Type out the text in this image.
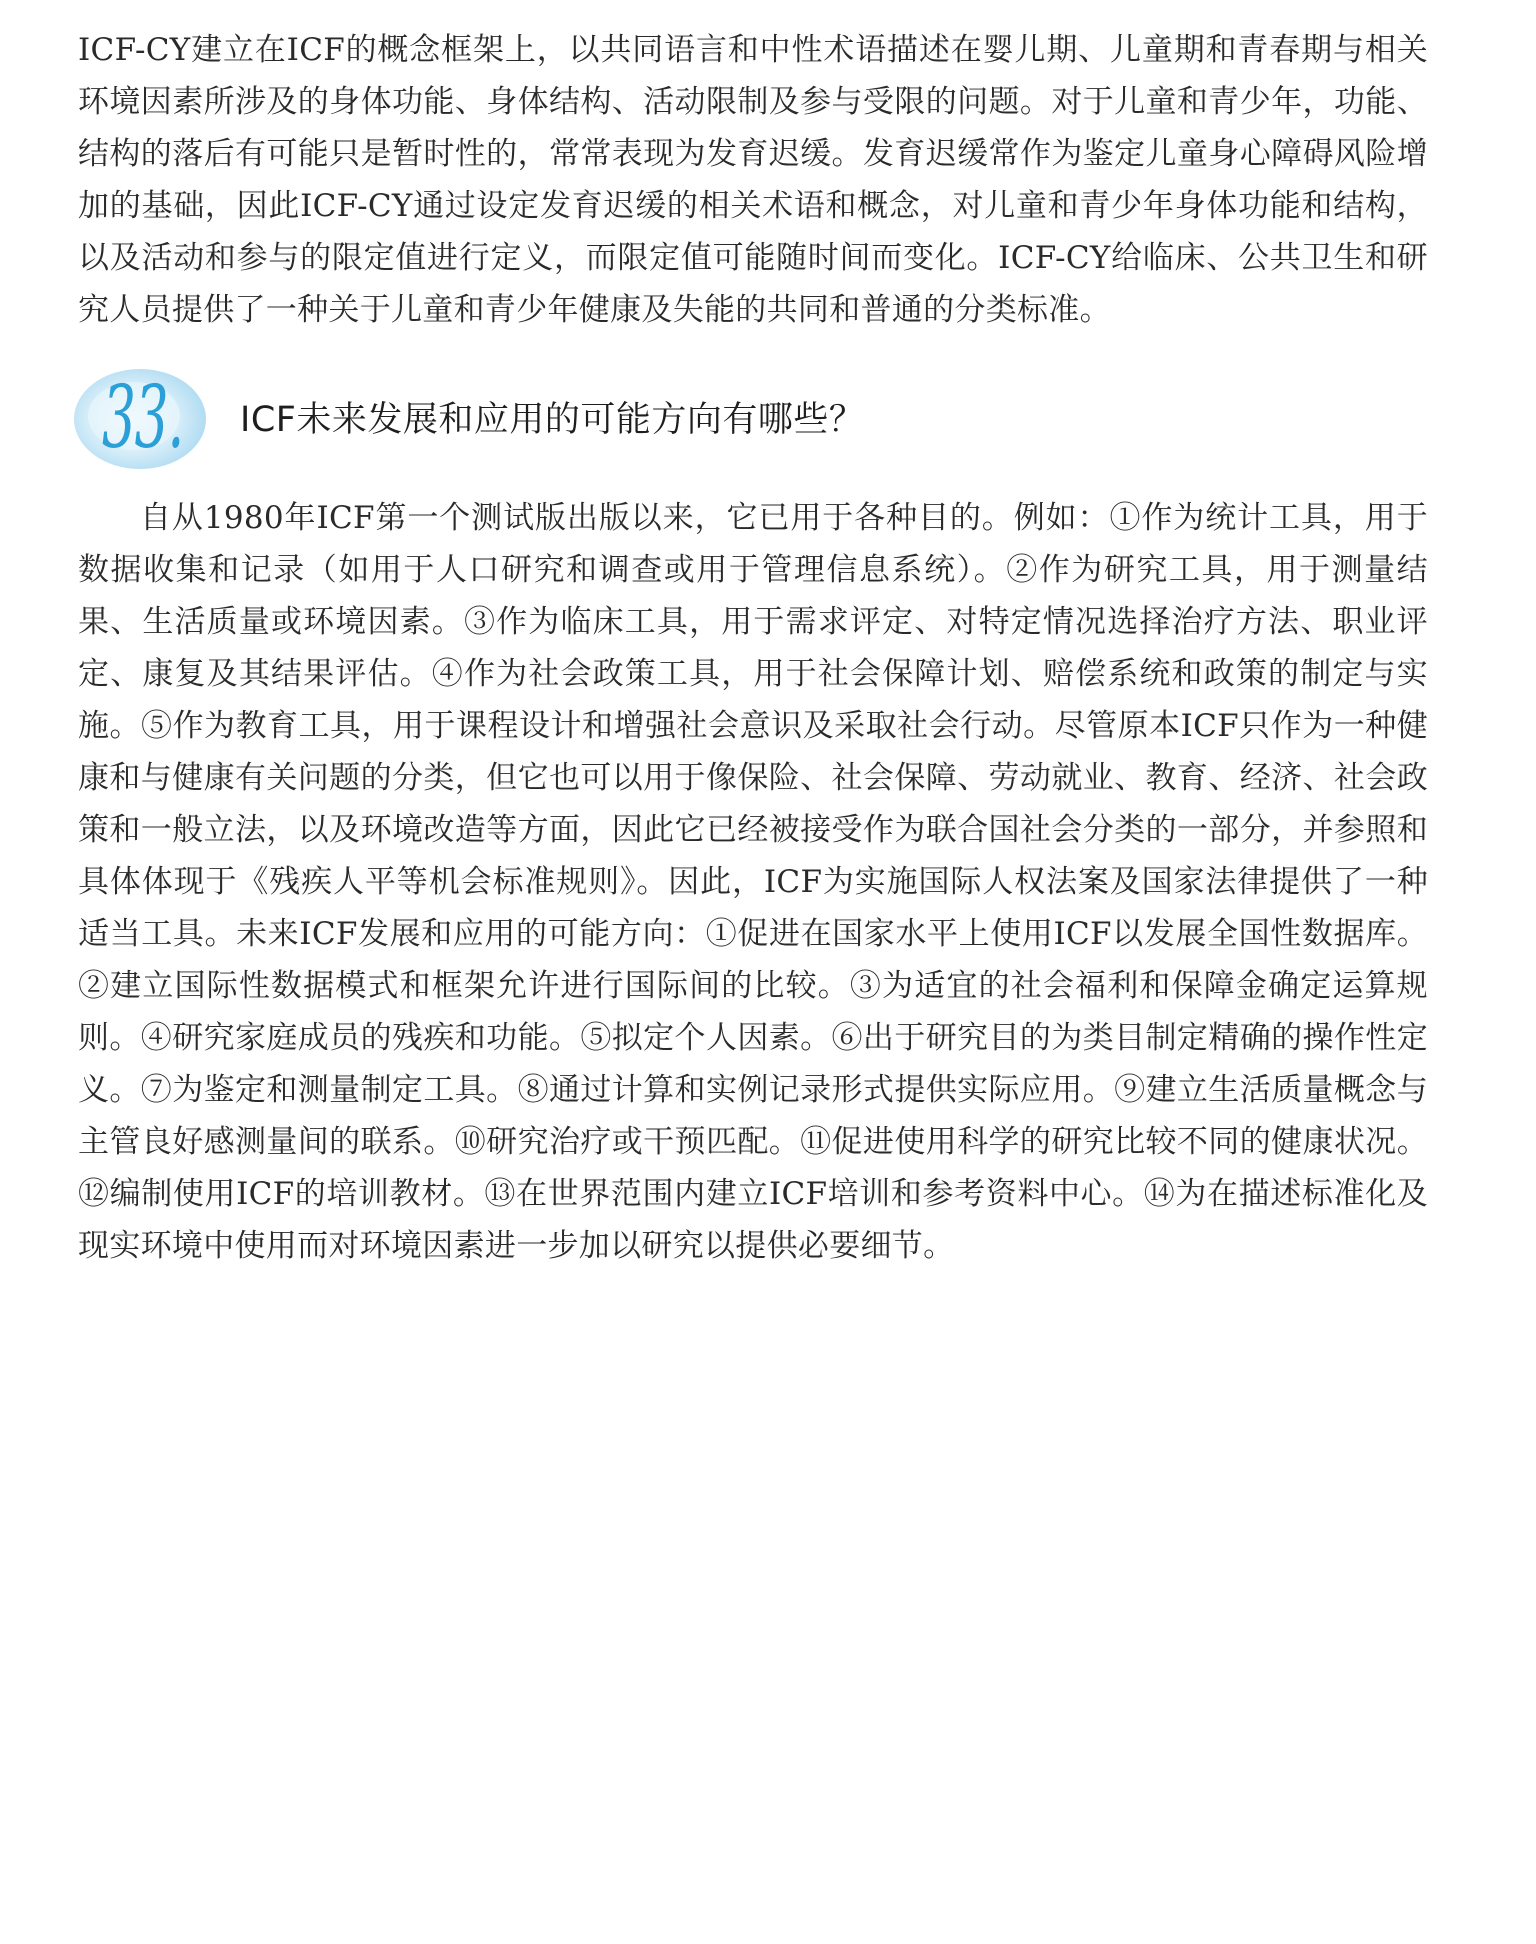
ICF-CY建立在ICF的概念框架上，以共同语言和中性术语描述在婴儿期、儿童期和青春期与相关环境因素所涉及的身体功能、身体结构、活动限制及参与受限的问题。对于儿童和青少年，功能、结构的落后有可能只是暂时性的，常常表现为发育迟缓。发育迟缓常作为鉴定儿童身心障碍风险增加的基础，因此ICF-CY通过设定发育迟缓的相关术语和概念，对儿童和青少年身体功能和结构，以及活动和参与的限定值进行定义，而限定值可能随时间而变化。ICF-CY给临床、公共卫生和研究人员提供了一种关于儿童和青少年健康及失能的共同和普通的分类标准。

33. ICF未来发展和应用的可能方向有哪些？

自从1980年ICF第一个测试版出版以来，它已用于各种目的。例如：①作为统计工具，用于数据收集和记录（如用于人口研究和调查或用于管理信息系统）。②作为研究工具，用于测量结果、生活质量或环境因素。③作为临床工具，用于需求评定、对特定情况选择治疗方法、职业评定、康复及其结果评估。④作为社会政策工具，用于社会保障计划、赔偿系统和政策的制定与实施。⑤作为教育工具，用于课程设计和增强社会意识及采取社会行动。尽管原本ICF只作为一种健康和与健康有关问题的分类，但它也可以用于像保险、社会保障、劳动就业、教育、经济、社会政策和一般立法，以及环境改造等方面，因此它已经被接受作为联合国社会分类的一部分，并参照和具体体现于《残疾人平等机会标准规则》。因此，ICF为实施国际人权法案及国家法律提供了一种适当工具。未来ICF发展和应用的可能方向：①促进在国家水平上使用ICF以发展全国性数据库。②建立国际性数据模式和框架允许进行国际间的比较。③为适宜的社会福利和保障金确定运算规则。④研究家庭成员的残疾和功能。⑤拟定个人因素。⑥出于研究目的为类目制定精确的操作性定义。⑦为鉴定和测量制定工具。⑧通过计算和实例记录形式提供实际应用。⑨建立生活质量概念与主管良好感测量间的联系。⑩研究治疗或干预匹配。⑪促进使用科学的研究比较不同的健康状况。⑫编制使用ICF的培训教材。⑬在世界范围内建立ICF培训和参考资料中心。⑭为在描述标准化及现实环境中使用而对环境因素进一步加以研究以提供必要细节。
